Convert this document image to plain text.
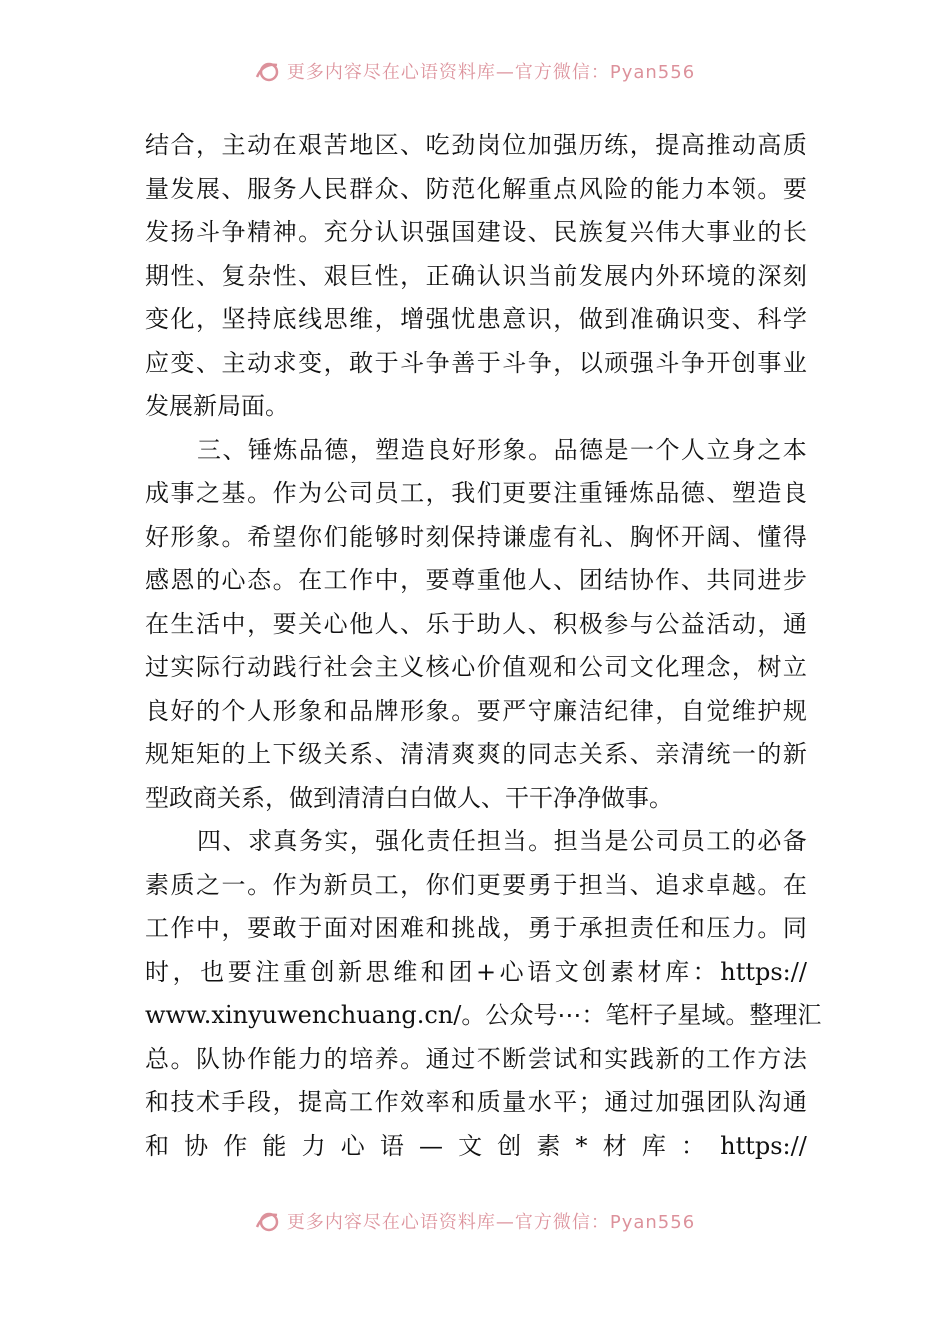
更多内容尽在心语资料库—官方微信：Pyan556
结 合 ， 主 动 在 艰 苦 地 区 、 吃 劲 岗 位 加 强 历 练 ， 提 高 推 动 高 质
量 发 展 、 服 务 人 民 群 众 、 防 范 化 解 重 点 风 险 的 能 力 本 领 。 要
发 扬 斗 争 精 神 。 充 分 认 识 强 国 建 设 、 民 族 复 兴 伟 大 事 业 的 长
期 性 、 复 杂 性 、 艰 巨 性 ， 正 确 认 识 当 前 发 展 内 外 环 境 的 深 刻
变 化 ， 坚 持 底 线 思 维 ， 增 强 忧 患 意 识 ， 做 到 准 确 识 变 、 科 学
应 变 、 主 动 求 变 ， 敢 于 斗 争 善 于 斗 争 ， 以 顽 强 斗 争 开 创 事 业
发展新局面。
三 、 锤 炼 品 德 ， 塑 造 良 好 形 象 。 品 德 是 一 个 人 立 身 之 本
成 事 之 基 。 作 为 公 司 员 工 ， 我 们 更 要 注 重 锤 炼 品 德 、 塑 造 良
好 形 象 。 希 望 你 们 能 够 时 刻 保 持 谦 虚 有 礼 、 胸 怀 开 阔 、 懂 得
感 恩 的 心 态 。 在 工 作 中 ， 要 尊 重 他 人 、 团 结 协 作 、 共 同 进 步
在 生 活 中 ， 要 关 心 他 人 、 乐 于 助 人 、 积 极 参 与 公 益 活 动 ， 通
过 实 际 行 动 践 行 社 会 主 义 核 心 价 值 观 和 公 司 文 化 理 念 ， 树 立
良 好 的 个 人 形 象 和 品 牌 形 象 。 要 严 守 廉 洁 纪 律 ， 自 觉 维 护 规
规 矩 矩 的 上 下 级 关 系 、 清 清 爽 爽 的 同 志 关 系 、 亲 清 统 一 的 新
型政商关系，做到清清白白做人、干干净净做事。
四 、 求 真 务 实 ， 强 化 责 任 担 当 。 担 当 是 公 司 员 工 的 必 备
素 质 之 一 。 作 为 新 员 工 ， 你 们 更 要 勇 于 担 当 、 追 求 卓 越 。 在
工 作 中 ， 要 敢 于 面 对 困 难 和 挑 战 ， 勇 于 承 担 责 任 和 压 力 。 同
时 ， 也 要 注 重 创 新 思 维 和 团 + 心 语 文 创 素 材 库 ： https://
www.xinyuwenchuang.cn/ 。 公 众 号 ⋯ ： 笔 杆 子 星 域 。 整 理 汇
总 。 队 协 作 能 力 的 培 养 。 通 过 不 断 尝 试 和 实 践 新 的 工 作 方 法
和 技 术 手 段 ， 提 高 工 作 效 率 和 质 量 水 平 ； 通 过 加 强 团 队 沟 通
和 协 作 能 力 心 语 — 文 创 素 * 材 库 ： https://
更多内容尽在心语资料库—官方微信：Pyan556
